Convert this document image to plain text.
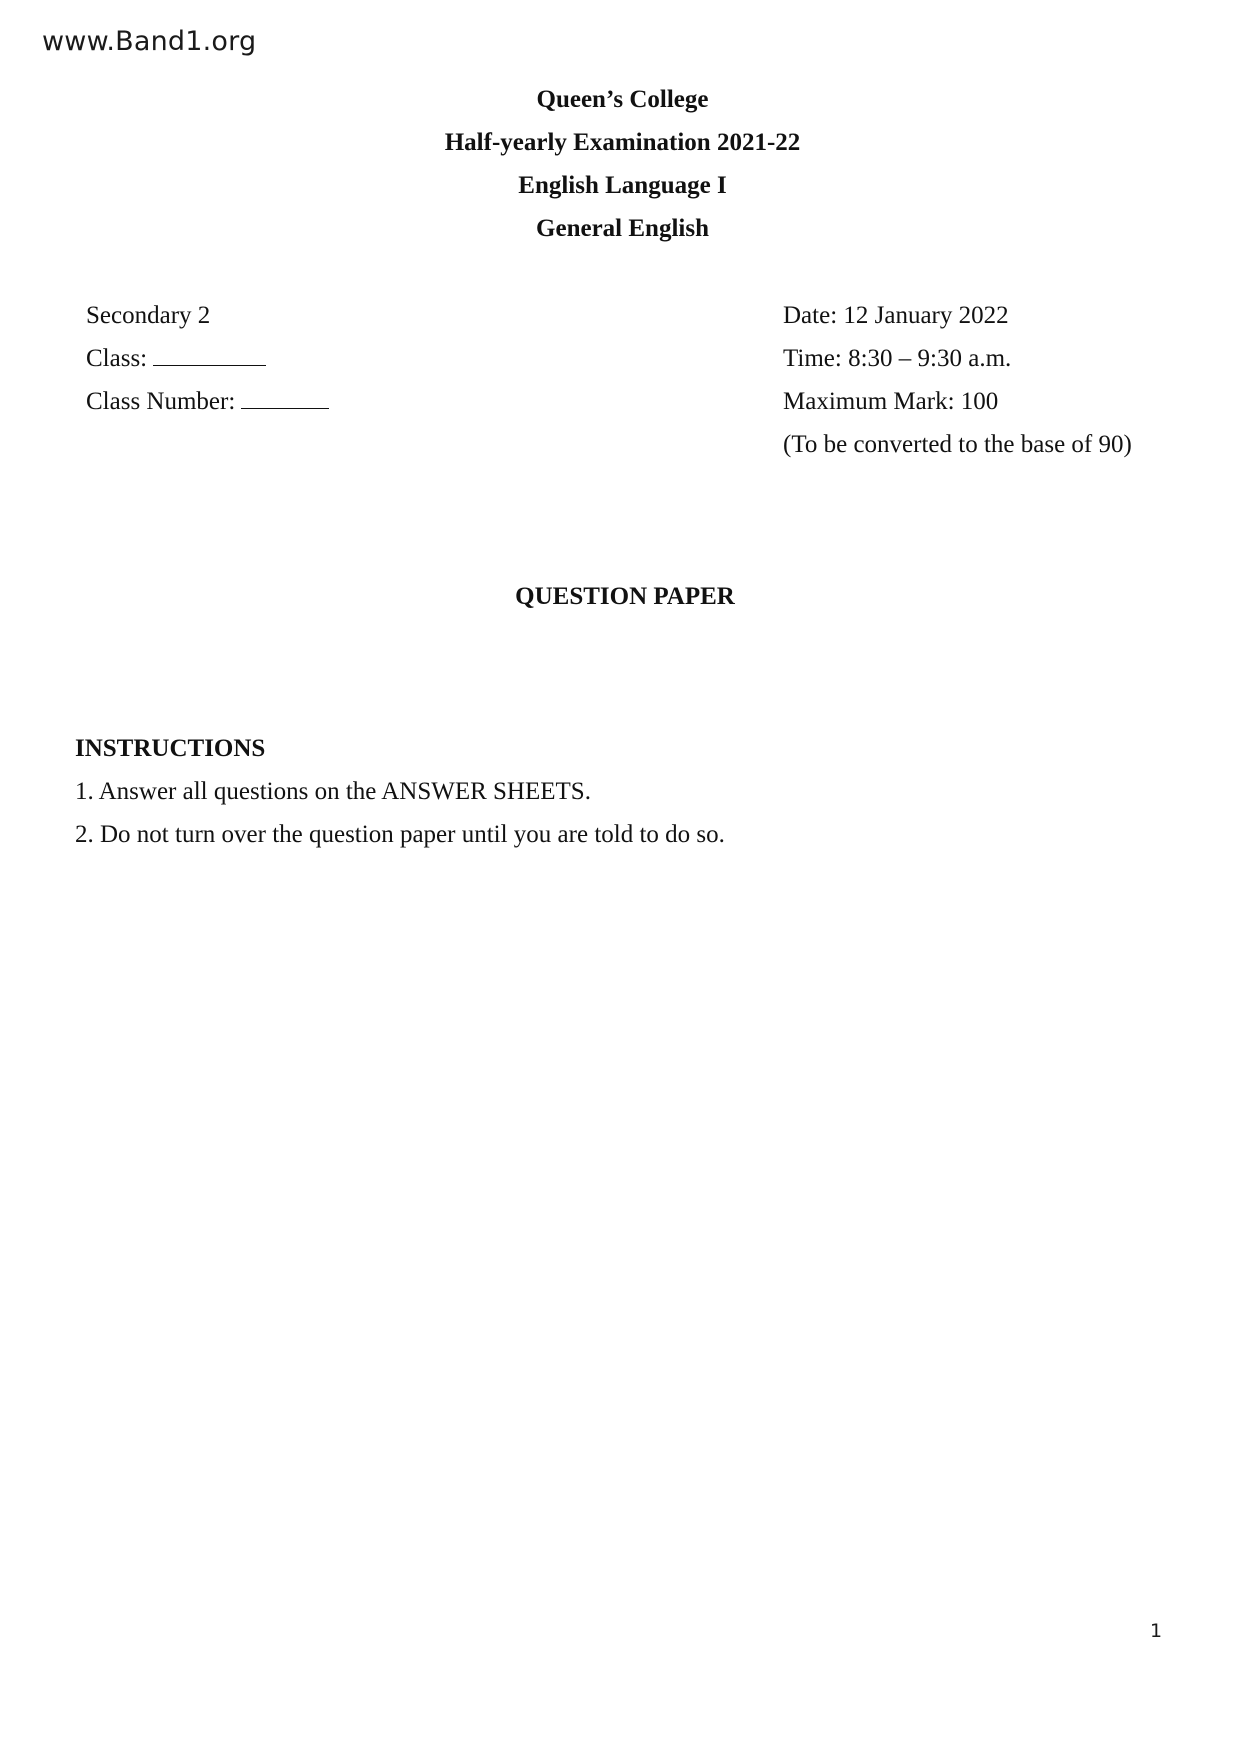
www.Band1.org
Queen’s College
Half-yearly Examination 2021-22
English Language I
General English
Secondary 2
Class:
Class Number:
Date: 12 January 2022
Time: 8:30 – 9:30 a.m.
Maximum Mark: 100
(To be converted to the base of 90)
QUESTION PAPER
INSTRUCTIONS
1. Answer all questions on the ANSWER SHEETS.
2. Do not turn over the question paper until you are told to do so.
1
